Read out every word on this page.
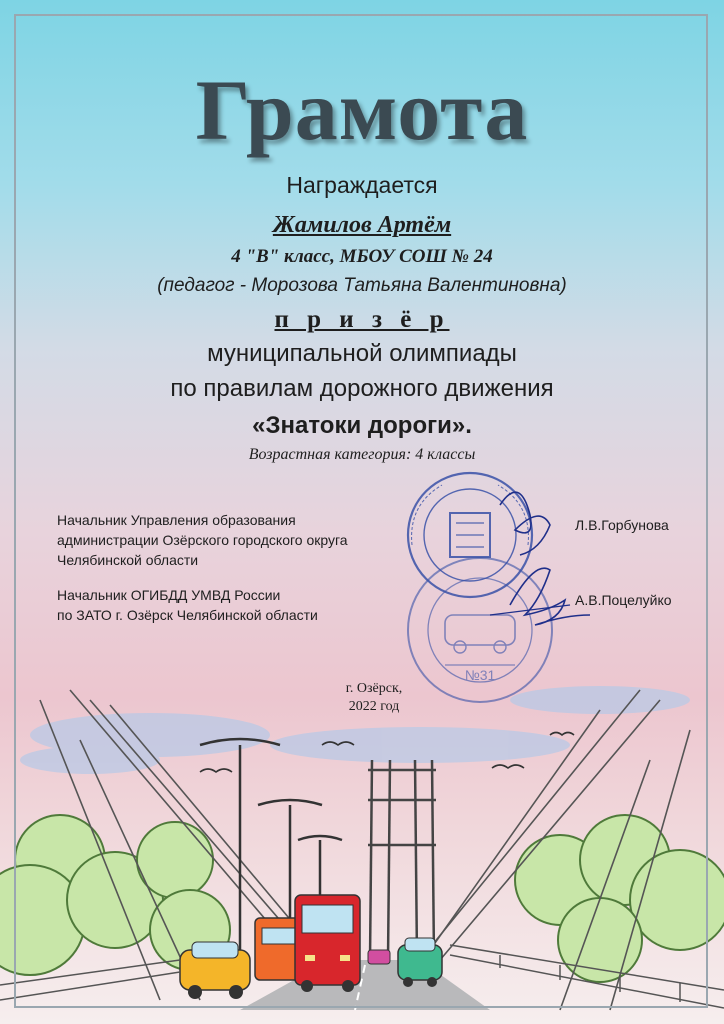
Грамота
Награждается
Жамилов Артём
4 "В" класс, МБОУ СОШ № 24
(педагог - Морозова Татьяна Валентиновна)
п р и з ё р
муниципальной олимпиады
по правилам дорожного движения
«Знатоки дороги».
Возрастная категория: 4 классы
Начальник Управления образования
администрации Озёрского городского округа
Челябинской области
Начальник ОГИБДД УМВД России
по ЗАТО г. Озёрск Челябинской области
№31
Л.В.Горбунова
А.В.Поцелуйко
г. Озёрск,
2022 год
